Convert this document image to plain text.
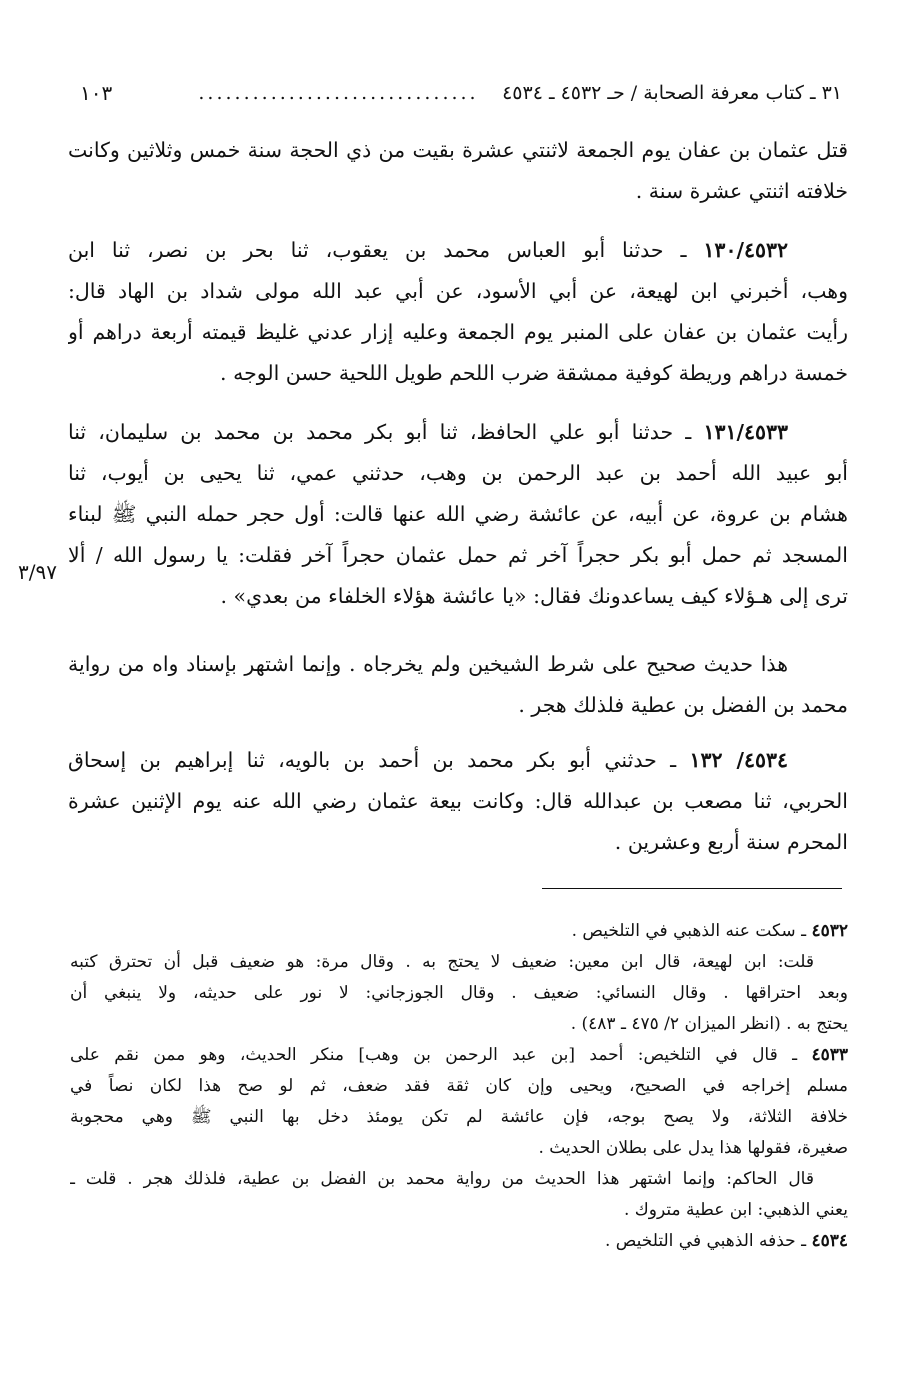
٣١ ـ كتاب معرفة الصحابة / حـ ٤٥٣٢ ـ ٤٥٣٤
...............................
١٠٣
قتل عثمان بن عفان يوم الجمعة لاثنتي عشرة بقيت من ذي الحجة سنة خمس وثلاثين وكانت
خلافته اثنتي عشرة سنة .
١٣٠/٤٥٣٢ ـ حدثنا أبو العباس محمد بن يعقوب، ثنا بحر بن نصر، ثنا ابن
وهب، أخبرني ابن لهيعة، عن أبي الأسود، عن أبي عبد الله مولى شداد بن الهاد قال:
رأيت عثمان بن عفان على المنبر يوم الجمعة وعليه إزار عدني غليظ قيمته أربعة دراهم أو
خمسة دراهم وريطة كوفية ممشقة ضرب اللحم طويل اللحية حسن الوجه .
١٣١/٤٥٣٣ ـ حدثنا أبو علي الحافظ، ثنا أبو بكر محمد بن محمد بن سليمان، ثنا
أبو عبيد الله أحمد بن عبد الرحمن بن وهب، حدثني عمي، ثنا يحيى بن أيوب، ثنا
هشام بن عروة، عن أبيه، عن عائشة رضي الله عنها قالت: أول حجر حمله النبي ﷺ لبناء
المسجد ثم حمل أبو بكر حجراً آخر ثم حمل عثمان حجراً آخر فقلت: يا رسول الله / ألا
ترى إلى هـؤلاء كيف يساعدونك فقال: «يا عائشة هؤلاء الخلفاء من بعدي» .
٣/٩٧
هذا حديث صحيح على شرط الشيخين ولم يخرجاه . وإنما اشتهر بإسناد واه من رواية
محمد بن الفضل بن عطية فلذلك هجر .
٤٥٣٤/ ١٣٢ ـ حدثني أبو بكر محمد بن أحمد بن بالويه، ثنا إبراهيم بن إسحاق
الحربي، ثنا مصعب بن عبدالله قال: وكانت بيعة عثمان رضي الله عنه يوم الإثنين عشرة
المحرم سنة أربع وعشرين .
٤٥٣٢ ـ سكت عنه الذهبي في التلخيص .
قلت: ابن لهيعة، قال ابن معين: ضعيف لا يحتج به . وقال مرة: هو ضعيف قبل أن تحترق كتبه
وبعد احتراقها . وقال النسائي: ضعيف . وقال الجوزجاني: لا نور على حديثه، ولا ينبغي أن
يحتج به . (انظر الميزان ٢/ ٤٧٥ ـ ٤٨٣) .
٤٥٣٣ ـ قال في التلخيص: أحمد [بن عبد الرحمن بن وهب] منكر الحديث، وهو ممن نقم على
مسلم إخراجه في الصحيح، ويحيى وإن كان ثقة فقد ضعف، ثم لو صح هذا لكان نصاً في
خلافة الثلاثة، ولا يصح بوجه، فإن عائشة لم تكن يومئذ دخل بها النبي ﷺ وهي محجوبة
صغيرة، فقولها هذا يدل على بطلان الحديث .
قال الحاكم: وإنما اشتهر هذا الحديث من رواية محمد بن الفضل بن عطية، فلذلك هجر . قلت ـ
يعني الذهبي: ابن عطية متروك .
٤٥٣٤ ـ حذفه الذهبي في التلخيص .
